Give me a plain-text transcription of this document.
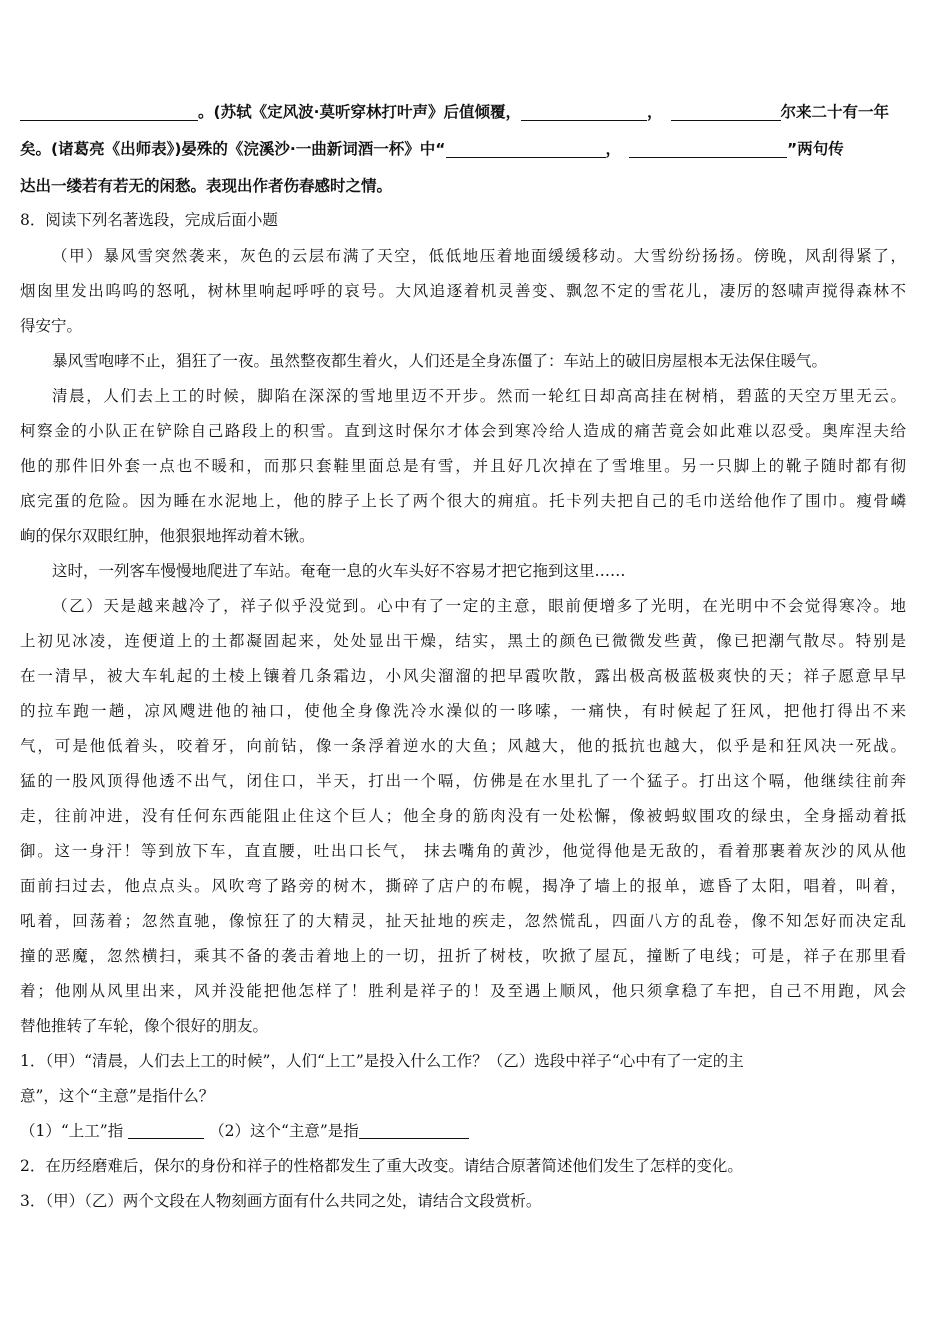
。(苏轼《定风波·莫听穿林打叶声》后值倾覆，	，	尔来二十有一年
矣。(诸葛亮《出师表》)晏殊的《浣溪沙·一曲新词酒一杯》中“	，	”两句传
达出一缕若有若无的闲愁。表现出作者伤春感时之情。
8．阅读下列名著选段，完成后面小题
（甲）暴风雪突然袭来，灰色的云层布满了天空，低低地压着地面缓缓移动。大雪纷纷扬扬。傍晚，风刮得紧了，
烟囱里发出呜呜的怒吼，树林里响起呼呼的哀号。大风追逐着机灵善变、飘忽不定的雪花儿，凄厉的怒啸声搅得森林不
得安宁。
暴风雪咆哮不止，猖狂了一夜。虽然整夜都生着火，人们还是全身冻僵了：车站上的破旧房屋根本无法保住暖气。
清晨，人们去上工的时候，脚陷在深深的雪地里迈不开步。然而一轮红日却高高挂在树梢，碧蓝的天空万里无云。
柯察金的小队正在铲除自己路段上的积雪。直到这时保尔才体会到寒冷给人造成的痛苦竟会如此难以忍受。奥库涅夫给
他的那件旧外套一点也不暖和，而那只套鞋里面总是有雪，并且好几次掉在了雪堆里。另一只脚上的靴子随时都有彻
底完蛋的危险。因为睡在水泥地上，他的脖子上长了两个很大的痈疽。托卡列夫把自己的毛巾送给他作了围巾。瘦骨嶙
峋的保尔双眼红肿，他狠狠地挥动着木锹。
这时，一列客车慢慢地爬进了车站。奄奄一息的火车头好不容易才把它拖到这里……
（乙）天是越来越冷了，祥子似乎没觉到。心中有了一定的主意，眼前便增多了光明，在光明中不会觉得寒冷。地
上初见冰凌，连便道上的土都凝固起来，处处显出干燥，结实，黑土的颜色已微微发些黄，像已把潮气散尽。特别是
在一清早，被大车轧起的土棱上镶着几条霜边，小风尖溜溜的把早霞吹散，露出极高极蓝极爽快的天；祥子愿意早早
的拉车跑一趟，凉风飕进他的袖口，使他全身像洗冷水澡似的一哆嗦，一痛快，有时候起了狂风，把他打得出不来
气，可是他低着头，咬着牙，向前钻，像一条浮着逆水的大鱼；风越大，他的抵抗也越大，似乎是和狂风决一死战。
猛的一股风顶得他透不出气，闭住口，半天，打出一个嗝，仿佛是在水里扎了一个猛子。打出这个嗝，他继续往前奔
走，往前冲进，没有任何东西能阻止住这个巨人；他全身的筋肉没有一处松懈，像被蚂蚁围攻的绿虫，全身摇动着抵
御。这一身汗！等到放下车，直直腰，吐出口长气， 抹去嘴角的黄沙，他觉得他是无敌的，看着那裹着灰沙的风从他
面前扫过去，他点点头。风吹弯了路旁的树木，撕碎了店户的布幌，揭净了墙上的报单，遮昏了太阳，唱着，叫着，
吼着，回荡着；忽然直驰，像惊狂了的大精灵，扯天扯地的疾走，忽然慌乱，四面八方的乱卷，像不知怎好而决定乱
撞的恶魔，忽然横扫，乘其不备的袭击着地上的一切，扭折了树枝，吹掀了屋瓦，撞断了电线；可是，祥子在那里看
着；他刚从风里出来，风并没能把他怎样了！胜利是祥子的！及至遇上顺风，他只须拿稳了车把，自己不用跑，风会
替他推转了车轮，像个很好的朋友。
1．（甲）“清晨，人们去上工的时候”，人们“上工”是投入什么工作？（乙）选段中祥子“心中有了一定的主
意”，这个“主意”是指什么？
（1）“上工”指	（2）这个“主意”是指
2．在历经磨难后，保尔的身份和祥子的性格都发生了重大改变。请结合原著简述他们发生了怎样的变化。
3．（甲）（乙）两个文段在人物刻画方面有什么共同之处，请结合文段赏析。
